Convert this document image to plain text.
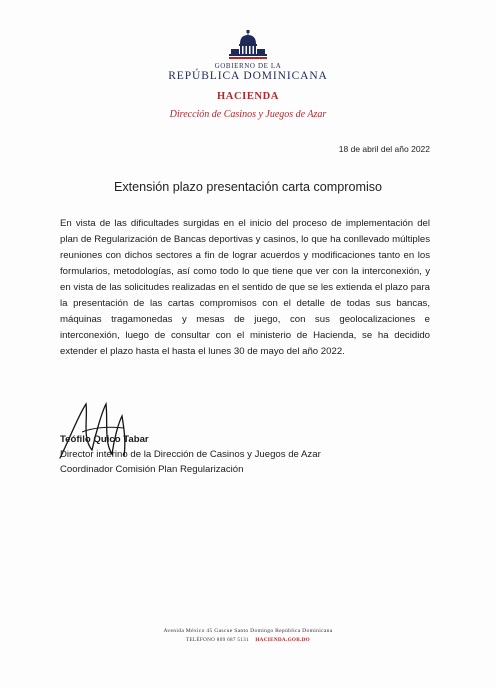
GOBIERNO DE LA
REPÚBLICA DOMINICANA
HACIENDA
Dirección de Casinos y Juegos de Azar
18 de abril del año 2022
Extensión plazo presentación carta compromiso
En vista de las dificultades surgidas en el inicio del proceso de implementación del plan de Regularización de Bancas deportivas y casinos, lo que ha conllevado múltiples reuniones con dichos sectores a fin de lograr acuerdos y modificaciones tanto en los formularios, metodologías, así como todo lo que tiene que ver con la interconexión, y en vista de las solicitudes realizadas en el sentido de que se les extienda el plazo para la presentación de las cartas compromisos con el detalle de todas sus bancas, máquinas tragamonedas y mesas de juego, con sus geolocalizaciones e interconexión, luego de consultar con el ministerio de Hacienda, se ha decidido extender el plazo hasta el hasta el lunes 30 de mayo del año 2022.
Teófilo Quico Tabar
Director interino de la Dirección de Casinos y Juegos de Azar
Coordinador Comisión Plan Regularización
Avenida México 45 Gascue Santo Domingo República Dominicana
TELÉFONO 809 687 5131 HACIENDA.GOB.DO
